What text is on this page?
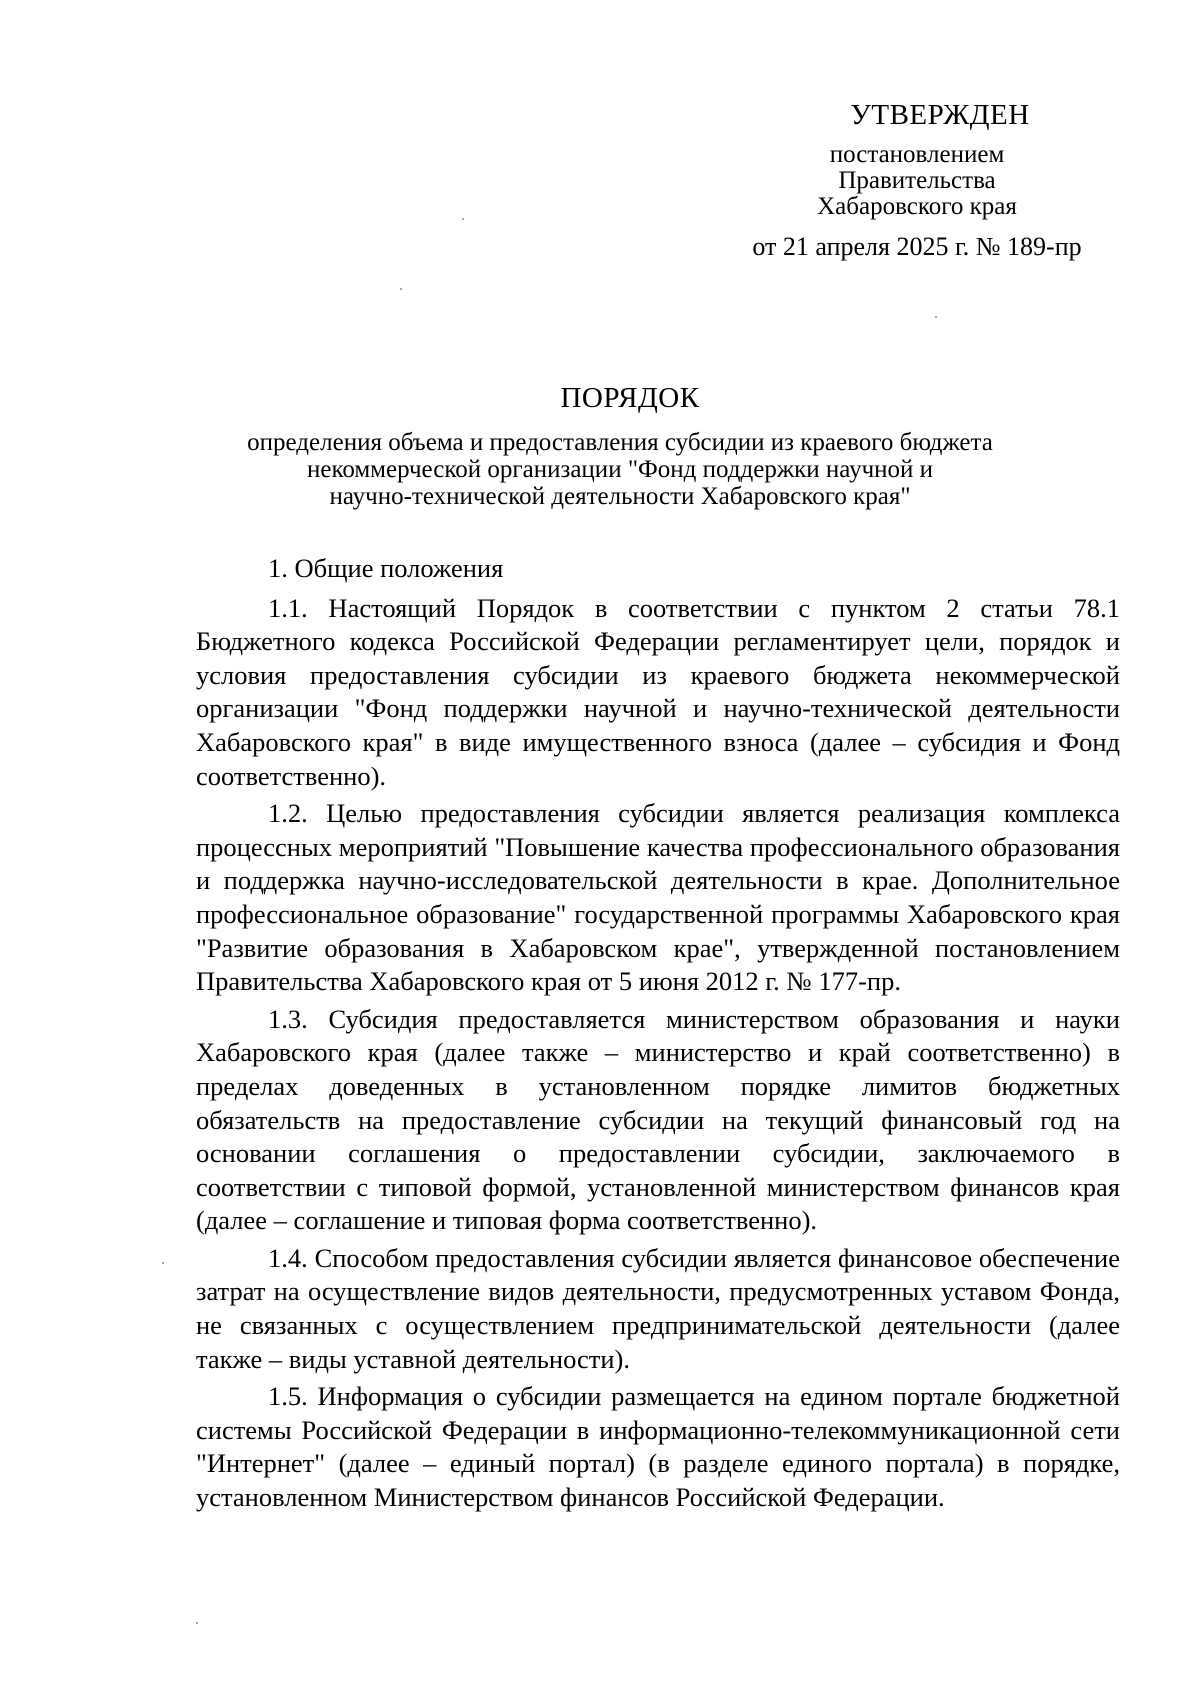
УТВЕРЖДЕН
постановлением
Правительства
Хабаровского края
от 21 апреля 2025 г. № 189-пр
ПОРЯДОК
определения объема и предоставления субсидии из краевого бюджета
некоммерческой организации "Фонд поддержки научной и
научно-технической деятельности Хабаровского края"
1. Общие положения

1.1. Настоящий Порядок в соответствии с пунктом 2 статьи 78.1 Бюджетного кодекса Российской Федерации регламентирует цели, порядок и условия предоставления субсидии из краевого бюджета некоммерческой организации "Фонд поддержки научной и научно-технической деятельности Хабаровского края" в виде имущественного взноса (далее – субсидия и Фонд соответственно).

1.2. Целью предоставления субсидии является реализация комплекса процессных мероприятий "Повышение качества профессионального образования и поддержка научно-исследовательской деятельности в крае. Дополнительное профессиональное образование" государственной программы Хабаровского края "Развитие образования в Хабаровском крае", утвержденной постановлением Правительства Хабаровского края от 5 июня 2012 г. № 177-пр.

1.3. Субсидия предоставляется министерством образования и науки Хабаровского края (далее также – министерство и край соответственно) в пределах доведенных в установленном порядке лимитов бюджетных обязательств на предоставление субсидии на текущий финансовый год на основании соглашения о предоставлении субсидии, заключаемого в соответствии с типовой формой, установленной министерством финансов края (далее – соглашение и типовая форма соответственно).

1.4. Способом предоставления субсидии является финансовое обеспечение затрат на осуществление видов деятельности, предусмотренных уставом Фонда, не связанных с осуществлением предпринимательской деятельности (далее также – виды уставной деятельности).

1.5. Информация о субсидии размещается на едином портале бюджетной системы Российской Федерации в информационно-телекоммуникационной сети "Интернет" (далее – единый портал) (в разделе единого портала) в порядке, установленном Министерством финансов Российской Федерации.
